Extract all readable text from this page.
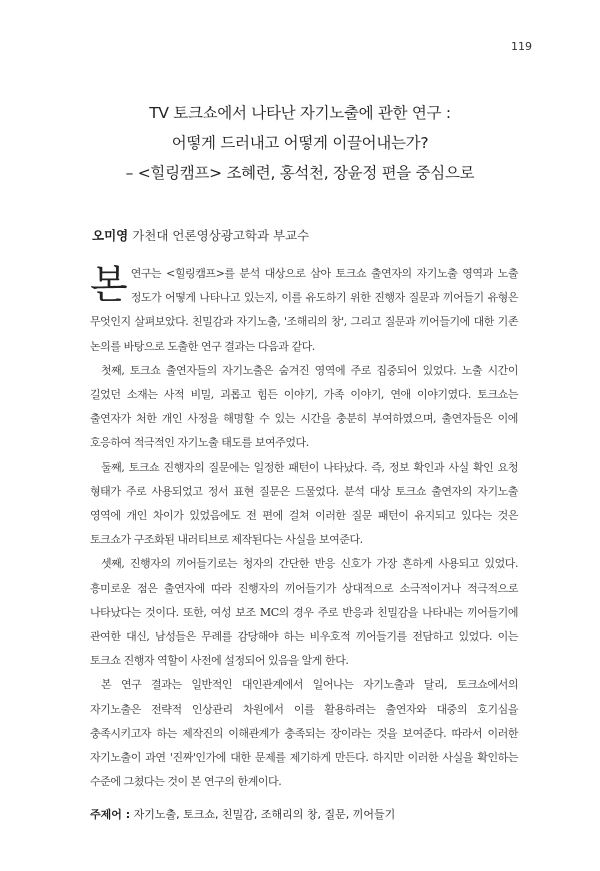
119
TV 토크쇼에서 나타난 자기노출에 관한 연구 :
어떻게 드러내고 어떻게 이끌어내는가?
– <힐링캠프> 조혜련, 홍석천, 장윤정 편을 중심으로
오미영 가천대 언론영상광고학과 부교수

본연구는 <힐링캠프>를 분석 대상으로 삼아 토크쇼 출연자의 자기노출 영역과 노출 정도가 어떻게 나타나고 있는지, 이를 유도하기 위한 진행자 질문과 끼어들기 유형은 무엇인지 살펴보았다. 친밀감과 자기노출, '조해리의 창', 그리고 질문과 끼어들기에 대한 기존 논의를 바탕으로 도출한 연구 결과는 다음과 같다.

첫째, 토크쇼 출연자들의 자기노출은 숨겨진 영역에 주로 집중되어 있었다. 노출 시간이 길었던 소재는 사적 비밀, 괴롭고 힘든 이야기, 가족 이야기, 연애 이야기였다. 토크쇼는 출연자가 처한 개인 사정을 해명할 수 있는 시간을 충분히 부여하였으며, 출연자들은 이에 호응하여 적극적인 자기노출 태도를 보여주었다.

둘째, 토크쇼 진행자의 질문에는 일정한 패턴이 나타났다. 즉, 정보 확인과 사실 확인 요청 형태가 주로 사용되었고 정서 표현 질문은 드물었다. 분석 대상 토크쇼 출연자의 자기노출 영역에 개인 차이가 있었음에도 전 편에 걸쳐 이러한 질문 패턴이 유지되고 있다는 것은 토크쇼가 구조화된 내러티브로 제작된다는 사실을 보여준다.

셋째, 진행자의 끼어들기로는 청자의 간단한 반응 신호가 가장 흔하게 사용되고 있었다. 흥미로운 점은 출연자에 따라 진행자의 끼어들기가 상대적으로 소극적이거나 적극적으로 나타났다는 것이다. 또한, 여성 보조 MC의 경우 주로 반응과 친밀감을 나타내는 끼어들기에 관여한 대신, 남성들은 무례를 감당해야 하는 비우호적 끼어들기를 전담하고 있었다. 이는 토크쇼 진행자 역할이 사전에 설정되어 있음을 알게 한다.

본 연구 결과는 일반적인 대인관계에서 일어나는 자기노출과 달리, 토크쇼에서의 자기노출은 전략적 인상관리 차원에서 이를 활용하려는 출연자와 대중의 호기심을 충족시키고자 하는 제작진의 이해관계가 충족되는 장이라는 것을 보여준다. 따라서 이러한 자기노출이 과연 '진짜'인가에 대한 문제를 제기하게 만든다. 하지만 이러한 사실을 확인하는 수준에 그쳤다는 것이 본 연구의 한계이다.

주제어 : 자기노출, 토크쇼, 친밀감, 조해리의 창, 질문, 끼어들기
